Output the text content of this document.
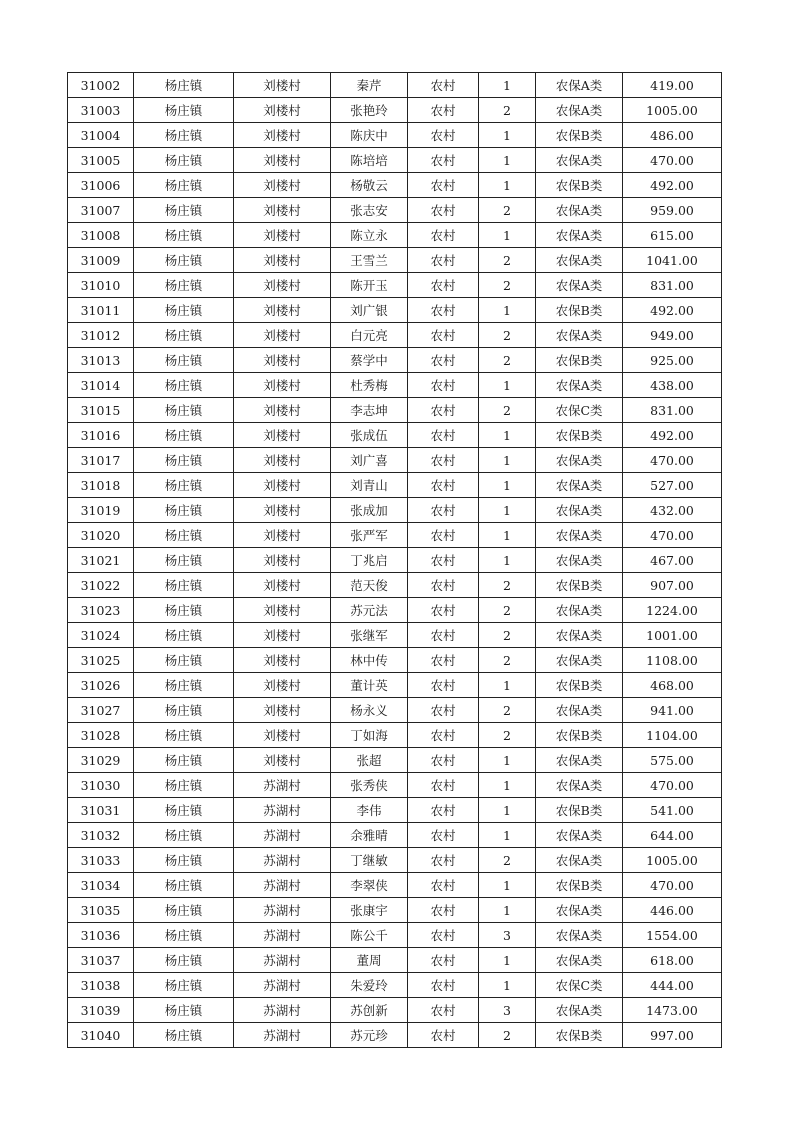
31002	杨庄镇	刘楼村	秦芹	农村	1	农保A类	419.00
31003	杨庄镇	刘楼村	张艳玲	农村	2	农保A类	1005.00
31004	杨庄镇	刘楼村	陈庆中	农村	1	农保B类	486.00
31005	杨庄镇	刘楼村	陈培培	农村	1	农保A类	470.00
31006	杨庄镇	刘楼村	杨敬云	农村	1	农保B类	492.00
31007	杨庄镇	刘楼村	张志安	农村	2	农保A类	959.00
31008	杨庄镇	刘楼村	陈立永	农村	1	农保A类	615.00
31009	杨庄镇	刘楼村	王雪兰	农村	2	农保A类	1041.00
31010	杨庄镇	刘楼村	陈开玉	农村	2	农保A类	831.00
31011	杨庄镇	刘楼村	刘广银	农村	1	农保B类	492.00
31012	杨庄镇	刘楼村	白元亮	农村	2	农保A类	949.00
31013	杨庄镇	刘楼村	蔡学中	农村	2	农保B类	925.00
31014	杨庄镇	刘楼村	杜秀梅	农村	1	农保A类	438.00
31015	杨庄镇	刘楼村	李志坤	农村	2	农保C类	831.00
31016	杨庄镇	刘楼村	张成伍	农村	1	农保B类	492.00
31017	杨庄镇	刘楼村	刘广喜	农村	1	农保A类	470.00
31018	杨庄镇	刘楼村	刘青山	农村	1	农保A类	527.00
31019	杨庄镇	刘楼村	张成加	农村	1	农保A类	432.00
31020	杨庄镇	刘楼村	张严军	农村	1	农保A类	470.00
31021	杨庄镇	刘楼村	丁兆启	农村	1	农保A类	467.00
31022	杨庄镇	刘楼村	范天俊	农村	2	农保B类	907.00
31023	杨庄镇	刘楼村	苏元法	农村	2	农保A类	1224.00
31024	杨庄镇	刘楼村	张继军	农村	2	农保A类	1001.00
31025	杨庄镇	刘楼村	林中传	农村	2	农保A类	1108.00
31026	杨庄镇	刘楼村	董计英	农村	1	农保B类	468.00
31027	杨庄镇	刘楼村	杨永义	农村	2	农保A类	941.00
31028	杨庄镇	刘楼村	丁如海	农村	2	农保B类	1104.00
31029	杨庄镇	刘楼村	张超	农村	1	农保A类	575.00
31030	杨庄镇	苏湖村	张秀侠	农村	1	农保A类	470.00
31031	杨庄镇	苏湖村	李伟	农村	1	农保B类	541.00
31032	杨庄镇	苏湖村	余雅晴	农村	1	农保A类	644.00
31033	杨庄镇	苏湖村	丁继敏	农村	2	农保A类	1005.00
31034	杨庄镇	苏湖村	李翠侠	农村	1	农保B类	470.00
31035	杨庄镇	苏湖村	张康宇	农村	1	农保A类	446.00
31036	杨庄镇	苏湖村	陈公千	农村	3	农保A类	1554.00
31037	杨庄镇	苏湖村	董周	农村	1	农保A类	618.00
31038	杨庄镇	苏湖村	朱爱玲	农村	1	农保C类	444.00
31039	杨庄镇	苏湖村	苏创新	农村	3	农保A类	1473.00
31040	杨庄镇	苏湖村	苏元珍	农村	2	农保B类	997.00
